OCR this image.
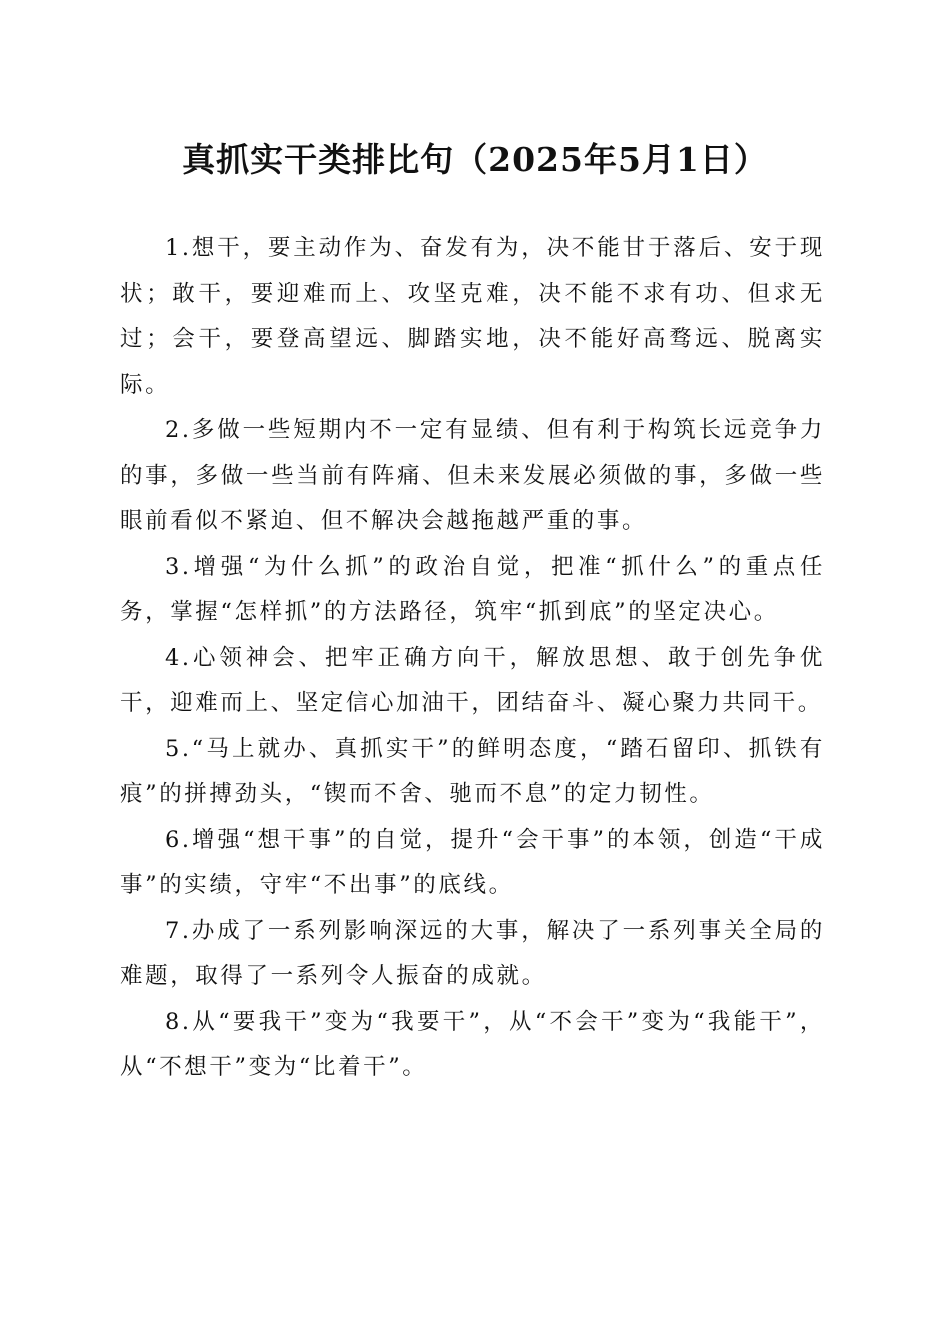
真抓实干类排比句（2025年5月1日）

1.想干，要主动作为、奋发有为，决不能甘于落后、安于现状；敢干，要迎难而上、攻坚克难，决不能不求有功、但求无过；会干，要登高望远、脚踏实地，决不能好高骛远、脱离实际。

2.多做一些短期内不一定有显绩、但有利于构筑长远竞争力的事，多做一些当前有阵痛、但未来发展必须做的事，多做一些眼前看似不紧迫、但不解决会越拖越严重的事。

3.增强“为什么抓”的政治自觉，把准“抓什么”的重点任务，掌握“怎样抓”的方法路径，筑牢“抓到底”的坚定决心。

4.心领神会、把牢正确方向干，解放思想、敢于创先争优干，迎难而上、坚定信心加油干，团结奋斗、凝心聚力共同干。

5.“马上就办、真抓实干”的鲜明态度，“踏石留印、抓铁有痕”的拼搏劲头，“锲而不舍、驰而不息”的定力韧性。

6.增强“想干事”的自觉，提升“会干事”的本领，创造“干成事”的实绩，守牢“不出事”的底线。

7.办成了一系列影响深远的大事，解决了一系列事关全局的难题，取得了一系列令人振奋的成就。

8.从“要我干”变为“我要干”，从“不会干”变为“我能干”，从“不想干”变为“比着干”。
